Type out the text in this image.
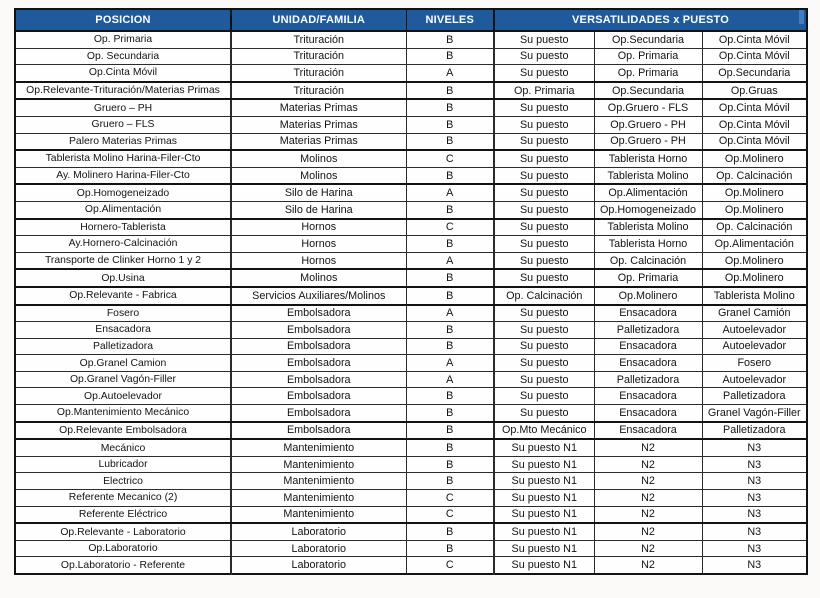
POSICION	UNIDAD/FAMILIA	NIVELES	VERSATILIDADES x PUESTO		
Op. Primaria	Trituración	B	Su puesto	Op.Secundaria	Op.Cinta Móvil
Op. Secundaria	Trituración	B	Su puesto	Op. Primaria	Op.Cinta Móvil
Op.Cinta Móvil	Trituración	A	Su puesto	Op. Primaria	Op.Secundaria
Op.Relevante-Trituración/Materias Primas	Trituración	B	Op. Primaria	Op.Secundaria	Op.Gruas
Gruero – PH	Materias Primas	B	Su puesto	Op.Gruero - FLS	Op.Cinta Móvil
Gruero – FLS	Materias Primas	B	Su puesto	Op.Gruero - PH	Op.Cinta Móvil
Palero Materias Primas	Materias Primas	B	Su puesto	Op.Gruero - PH	Op.Cinta Móvil
Tablerista Molino Harina-Filer-Cto	Molinos	C	Su puesto	Tablerista Horno	Op.Molinero
Ay. Molinero Harina-Filer-Cto	Molinos	B	Su puesto	Tablerista Molino	Op. Calcinación
Op.Homogeneizado	Silo de Harina	A	Su puesto	Op.Alimentación	Op.Molinero
Op.Alimentación	Silo de Harina	B	Su puesto	Op.Homogeneizado	Op.Molinero
Hornero-Tablerista	Hornos	C	Su puesto	Tablerista Molino	Op. Calcinación
Ay.Hornero-Calcinación	Hornos	B	Su puesto	Tablerista Horno	Op.Alimentación
Transporte de Clinker Horno 1 y 2	Hornos	A	Su puesto	Op. Calcinación	Op.Molinero
Op.Usina	Molinos	B	Su puesto	Op. Primaria	Op.Molinero
Op.Relevante - Fabrica	Servicios Auxiliares/Molinos	B	Op. Calcinación	Op.Molinero	Tablerista Molino
Fosero	Embolsadora	A	Su puesto	Ensacadora	Granel Camión
Ensacadora	Embolsadora	B	Su puesto	Palletizadora	Autoelevador
Palletizadora	Embolsadora	B	Su puesto	Ensacadora	Autoelevador
Op.Granel Camion	Embolsadora	A	Su puesto	Ensacadora	Fosero
Op.Granel Vagón-Filler	Embolsadora	A	Su puesto	Palletizadora	Autoelevador
Op.Autoelevador	Embolsadora	B	Su puesto	Ensacadora	Palletizadora
Op.Mantenimiento Mecánico	Embolsadora	B	Su puesto	Ensacadora	Granel Vagón-Filler
Op.Relevante Embolsadora	Embolsadora	B	Op.Mto Mecánico	Ensacadora	Palletizadora
Mecánico	Mantenimiento	B	Su puesto N1	N2	N3
Lubricador	Mantenimiento	B	Su puesto N1	N2	N3
Electrico	Mantenimiento	B	Su puesto N1	N2	N3
Referente Mecanico (2)	Mantenimiento	C	Su puesto N1	N2	N3
Referente Eléctrico	Mantenimiento	C	Su puesto N1	N2	N3
Op.Relevante - Laboratorio	Laboratorio	B	Su puesto N1	N2	N3
Op.Laboratorio	Laboratorio	B	Su puesto N1	N2	N3
Op.Laboratorio - Referente	Laboratorio	C	Su puesto N1	N2	N3
